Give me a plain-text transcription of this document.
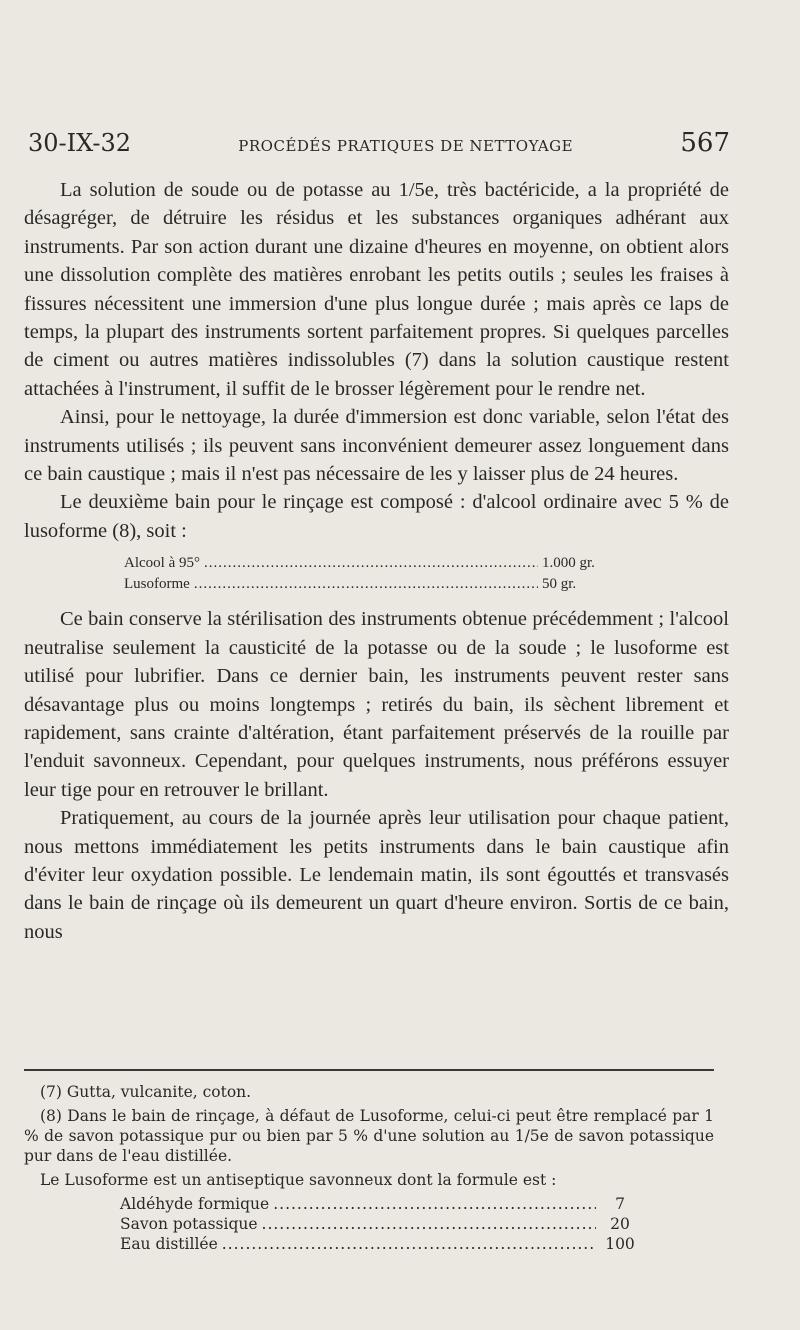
30-IX-32	PROCÉDÉS PRATIQUES DE NETTOYAGE	567

La solution de soude ou de potasse au 1/5e, très bactéricide, a la propriété de désagréger, de détruire les résidus et les substances organiques adhérant aux instruments. Par son action durant une dizaine d'heures en moyenne, on obtient alors une dissolution complète des matières enrobant les petits outils ; seules les fraises à fissures nécessitent une immersion d'une plus longue durée ; mais après ce laps de temps, la plupart des instruments sortent parfaitement propres. Si quelques parcelles de ciment ou autres matières indissolubles (7) dans la solution caustique restent attachées à l'instrument, il suffit de le brosser légèrement pour le rendre net.

Ainsi, pour le nettoyage, la durée d'immersion est donc variable, selon l'état des instruments utilisés ; ils peuvent sans inconvénient demeurer assez longuement dans ce bain caustique ; mais il n'est pas nécessaire de les y laisser plus de 24 heures.

Le deuxième bain pour le rinçage est composé : d'alcool ordinaire avec 5 % de lusoforme (8), soit :

Alcool à 95° .....	1.000 gr.
Lusoforme .....	50 gr.

Ce bain conserve la stérilisation des instruments obtenue précédemment ; l'alcool neutralise seulement la causticité de la potasse ou de la soude ; le lusoforme est utilisé pour lubrifier. Dans ce dernier bain, les instruments peuvent rester sans désavantage plus ou moins longtemps ; retirés du bain, ils sèchent librement et rapidement, sans crainte d'altération, étant parfaitement préservés de la rouille par l'enduit savonneux. Cependant, pour quelques instruments, nous préférons essuyer leur tige pour en retrouver le brillant.

Pratiquement, au cours de la journée après leur utilisation pour chaque patient, nous mettons immédiatement les petits instruments dans le bain caustique afin d'éviter leur oxydation possible. Le lendemain matin, ils sont égouttés et transvasés dans le bain de rinçage où ils demeurent un quart d'heure environ. Sortis de ce bain, nous

(7) Gutta, vulcanite, coton.

(8) Dans le bain de rinçage, à défaut de Lusoforme, celui-ci peut être remplacé par 1 % de savon potassique pur ou bien par 5 % d'une solution au 1/5e de savon potassique pur dans de l'eau distillée.

Le Lusoforme est un antiseptique savonneux dont la formule est :

Aldéhyde formique .....	7
Savon potassique .....	20
Eau distillée .....	100
